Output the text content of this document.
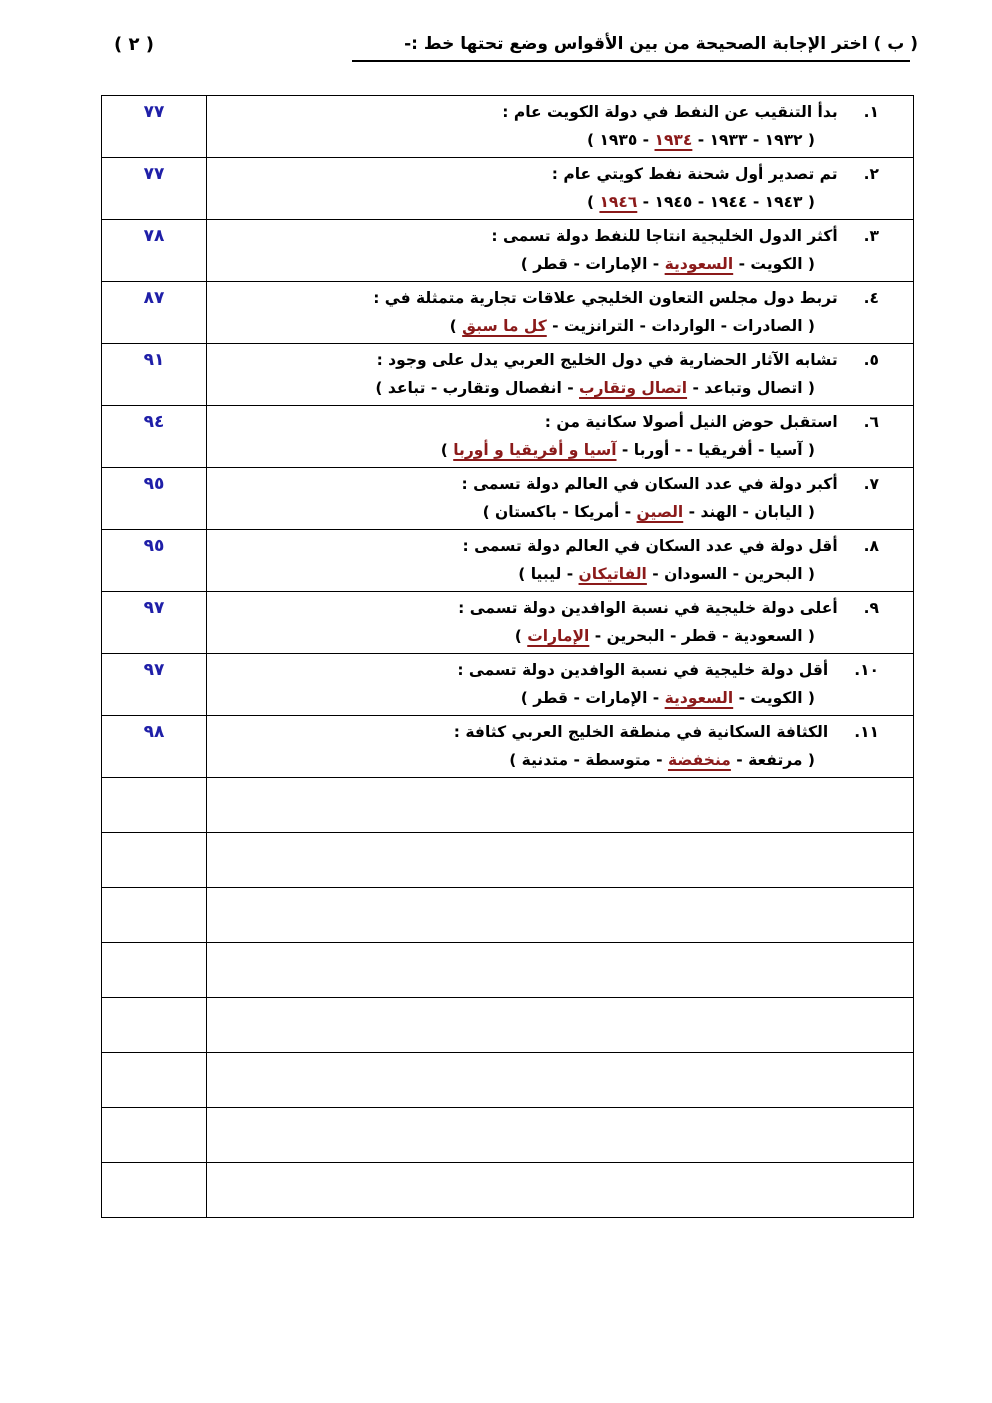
( ب ) اختر الإجابة الصحيحة من بين الأقواس وضع تحتها خط :-
( ٢ )
١.بدأ التنقيب عن النفط في دولة الكويت عام :
( ١٩٣٢ - ١٩٣٣ - ١٩٣٤ - ١٩٣٥ )	٧٧

٢.تم تصدير أول شحنة نفط كويتي عام :
( ١٩٤٣ - ١٩٤٤ - ١٩٤٥ - ١٩٤٦ )	٧٧

٣.أكثر الدول الخليجية انتاجا للنفط دولة تسمى :
( الكويت - السعودية - الإمارات - قطر )	٧٨

٤.تربط دول مجلس التعاون الخليجي علاقات تجارية متمثلة في :
( الصادرات - الواردات - الترانزيت - كل ما سبق )	٨٧

٥.تشابه الآثار الحضارية في دول الخليج العربي يدل على وجود :
( اتصال وتباعد - اتصال وتقارب - انفصال وتقارب - تباعد )	٩١

٦.استقبل حوض النيل أصولا سكانية من :
( آسيا - أفريقيا - - أوربا - آسيا و أفريقيا و أوربا )	٩٤

٧.أكبر دولة في عدد السكان في العالم دولة تسمى :
( اليابان - الهند - الصين - أمريكا - باكستان )	٩٥

٨.أقل دولة في عدد السكان في العالم دولة تسمى :
( البحرين - السودان - الفاتيكان - ليبيا )	٩٥

٩.أعلى دولة خليجية في نسبة الوافدين دولة تسمى :
( السعودية - قطر - البحرين - الإمارات )	٩٧

١٠.أقل دولة خليجية في نسبة الوافدين دولة تسمى :
( الكويت - السعودية - الإمارات - قطر )	٩٧

١١.الكثافة السكانية في منطقة الخليج العربي كثافة :
( مرتفعة - منخفضة - متوسطة - متدنية )	٩٨
